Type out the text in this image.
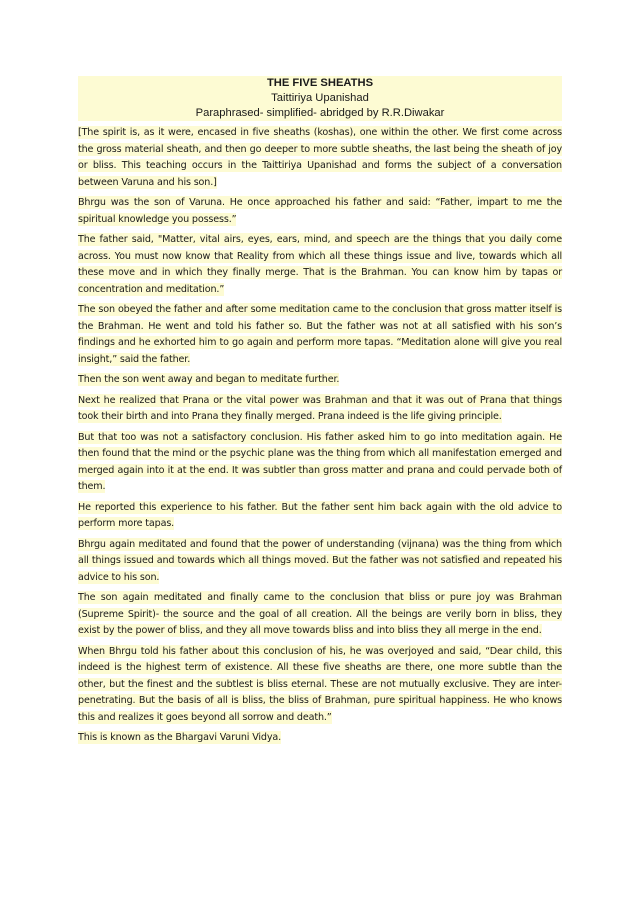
THE FIVE SHEATHS
Taittiriya Upanishad
Paraphrased- simplified- abridged by R.R.Diwakar

[The spirit is, as it were, encased in five sheaths (koshas), one within the other. We first come across the gross material sheath, and then go deeper to more subtle sheaths, the last being the sheath of joy or bliss. This teaching occurs in the Taittiriya Upanishad and forms the subject of a conversation between Varuna and his son.]

Bhrgu was the son of Varuna. He once approached his father and said: “Father, impart to me the spiritual knowledge you possess.”

The father said, "Matter, vital airs, eyes, ears, mind, and speech are the things that you daily come across. You must now know that Reality from which all these things issue and live, towards which all these move and in which they finally merge. That is the Brahman. You can know him by tapas or concentration and meditation.”

The son obeyed the father and after some meditation came to the conclusion that gross matter itself is the Brahman. He went and told his father so. But the father was not at all satisfied with his son’s findings and he exhorted him to go again and perform more tapas. “Meditation alone will give you real insight,” said the father.

Then the son went away and began to meditate further.

Next he realized that Prana or the vital power was Brahman and that it was out of Prana that things took their birth and into Prana they finally merged. Prana indeed is the life giving principle.

But that too was not a satisfactory conclusion. His father asked him to go into meditation again. He then found that the mind or the psychic plane was the thing from which all manifestation emerged and merged again into it at the end. It was subtler than gross matter and prana and could pervade both of them.

He reported this experience to his father. But the father sent him back again with the old advice to perform more tapas.

Bhrgu again meditated and found that the power of understanding (vijnana) was the thing from which all things issued and towards which all things moved. But the father was not satisfied and repeated his advice to his son.

The son again meditated and finally came to the conclusion that bliss or pure joy was Brahman (Supreme Spirit)- the source and the goal of all creation. All the beings are verily born in bliss, they exist by the power of bliss, and they all move towards bliss and into bliss they all merge in the end.

When Bhrgu told his father about this conclusion of his, he was overjoyed and said, “Dear child, this indeed is the highest term of existence. All these five sheaths are there, one more subtle than the other, but the finest and the subtlest is bliss eternal. These are not mutually exclusive. They are inter-penetrating. But the basis of all is bliss, the bliss of Brahman, pure spiritual happiness. He who knows this and realizes it goes beyond all sorrow and death.”

This is known as the Bhargavi Varuni Vidya.
